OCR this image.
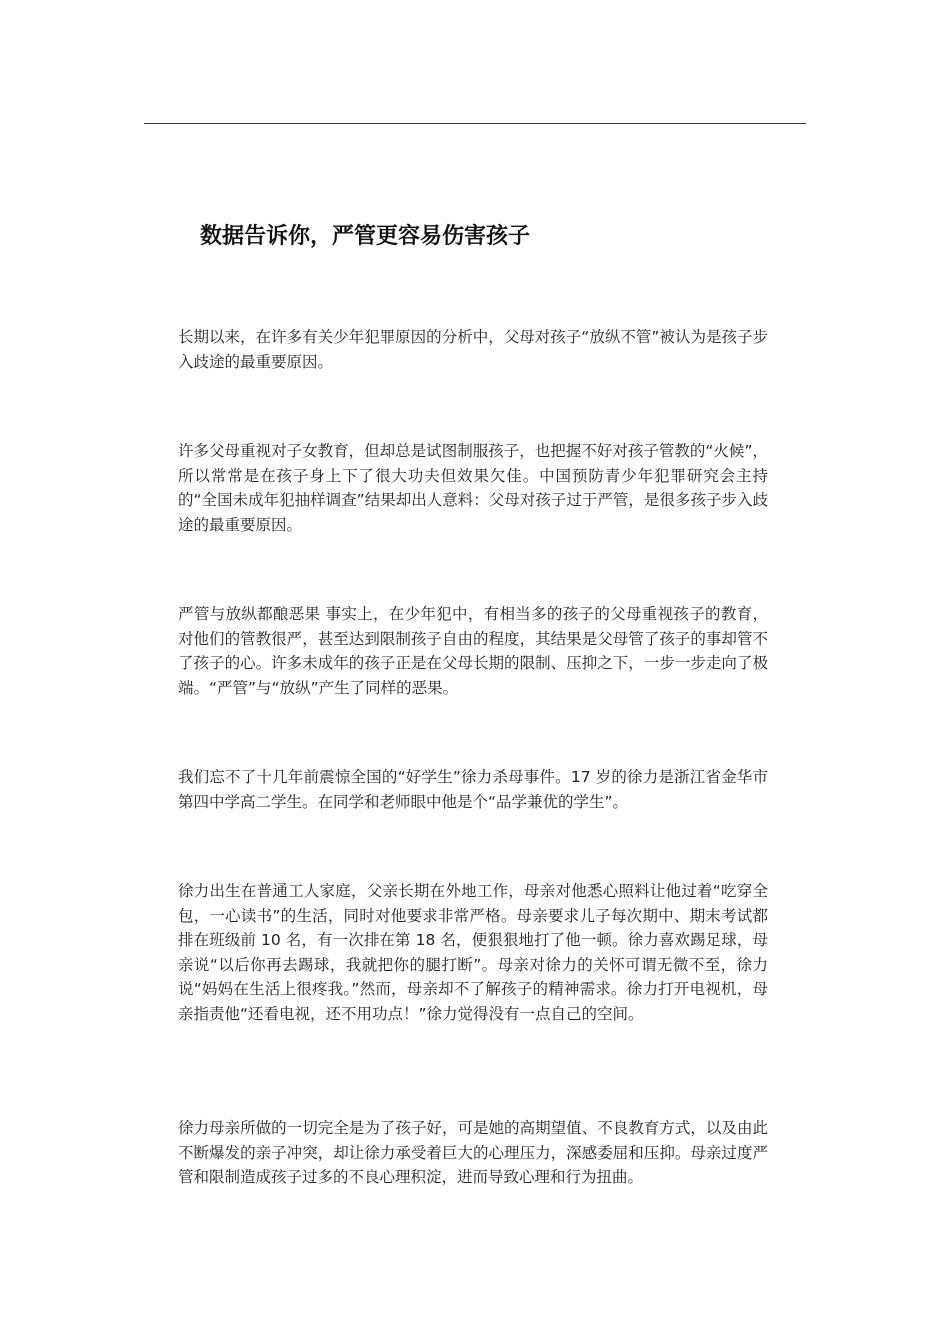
数据告诉你，严管更容易伤害孩子

长期以来，在许多有关少年犯罪原因的分析中，父母对孩子“放纵不管”被认为是孩子步入歧途的最重要原因。

许多父母重视对子女教育，但却总是试图制服孩子，也把握不好对孩子管教的“火候”，所以常常是在孩子身上下了很大功夫但效果欠佳。中国预防青少年犯罪研究会主持的“全国未成年犯抽样调查”结果却出人意料：父母对孩子过于严管，是很多孩子步入歧途的最重要原因。

严管与放纵都酿恶果 事实上，在少年犯中，有相当多的孩子的父母重视孩子的教育，对他们的管教很严，甚至达到限制孩子自由的程度，其结果是父母管了孩子的事却管不了孩子的心。许多未成年的孩子正是在父母长期的限制、压抑之下，一步一步走向了极端。“严管”与“放纵”产生了同样的恶果。

我们忘不了十几年前震惊全国的“好学生”徐力杀母事件。17 岁的徐力是浙江省金华市第四中学高二学生。在同学和老师眼中他是个“品学兼优的学生”。

徐力出生在普通工人家庭，父亲长期在外地工作，母亲对他悉心照料让他过着“吃穿全包，一心读书”的生活，同时对他要求非常严格。母亲要求儿子每次期中、期末考试都排在班级前 10 名，有一次排在第 18 名，便狠狠地打了他一顿。徐力喜欢踢足球，母亲说“以后你再去踢球，我就把你的腿打断”。母亲对徐力的关怀可谓无微不至，徐力说“妈妈在生活上很疼我。”然而，母亲却不了解孩子的精神需求。徐力打开电视机，母亲指责他“还看电视，还不用功点！”徐力觉得没有一点自己的空间。

徐力母亲所做的一切完全是为了孩子好，可是她的高期望值、不良教育方式，以及由此不断爆发的亲子冲突，却让徐力承受着巨大的心理压力，深感委屈和压抑。母亲过度严管和限制造成孩子过多的不良心理积淀，进而导致心理和行为扭曲。
